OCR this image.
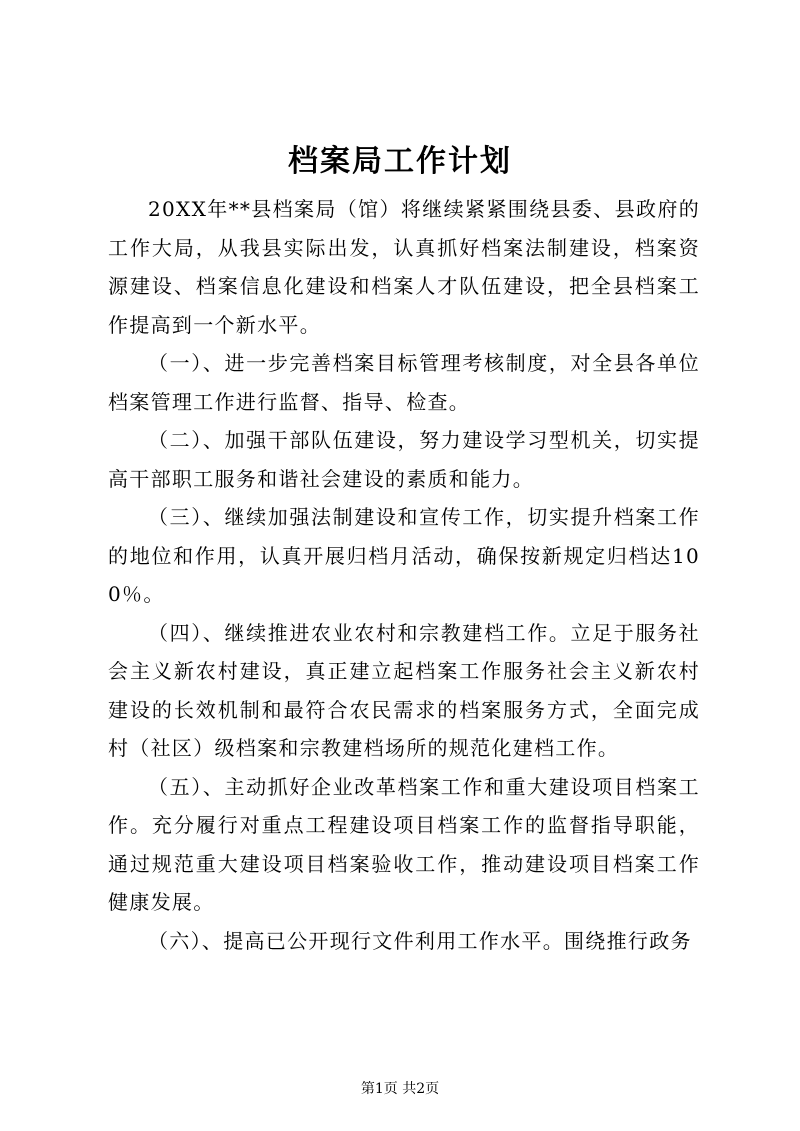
档案局工作计划

20XX年**县档案局（馆）将继续紧紧围绕县委、县政府的工作大局，从我县实际出发，认真抓好档案法制建设，档案资源建设、档案信息化建设和档案人才队伍建设，把全县档案工作提高到一个新水平。

（一）、进一步完善档案目标管理考核制度，对全县各单位档案管理工作进行监督、指导、检查。

（二）、加强干部队伍建设，努力建设学习型机关，切实提高干部职工服务和谐社会建设的素质和能力。

（三）、继续加强法制建设和宣传工作，切实提升档案工作的地位和作用，认真开展归档月活动，确保按新规定归档达100％。

（四）、继续推进农业农村和宗教建档工作。立足于服务社会主义新农村建设，真正建立起档案工作服务社会主义新农村建设的长效机制和最符合农民需求的档案服务方式，全面完成村（社区）级档案和宗教建档场所的规范化建档工作。

（五）、主动抓好企业改革档案工作和重大建设项目档案工作。充分履行对重点工程建设项目档案工作的监督指导职能，通过规范重大建设项目档案验收工作，推动建设项目档案工作健康发展。

（六）、提高已公开现行文件利用工作水平。围绕推行政务

第1页 共2页
